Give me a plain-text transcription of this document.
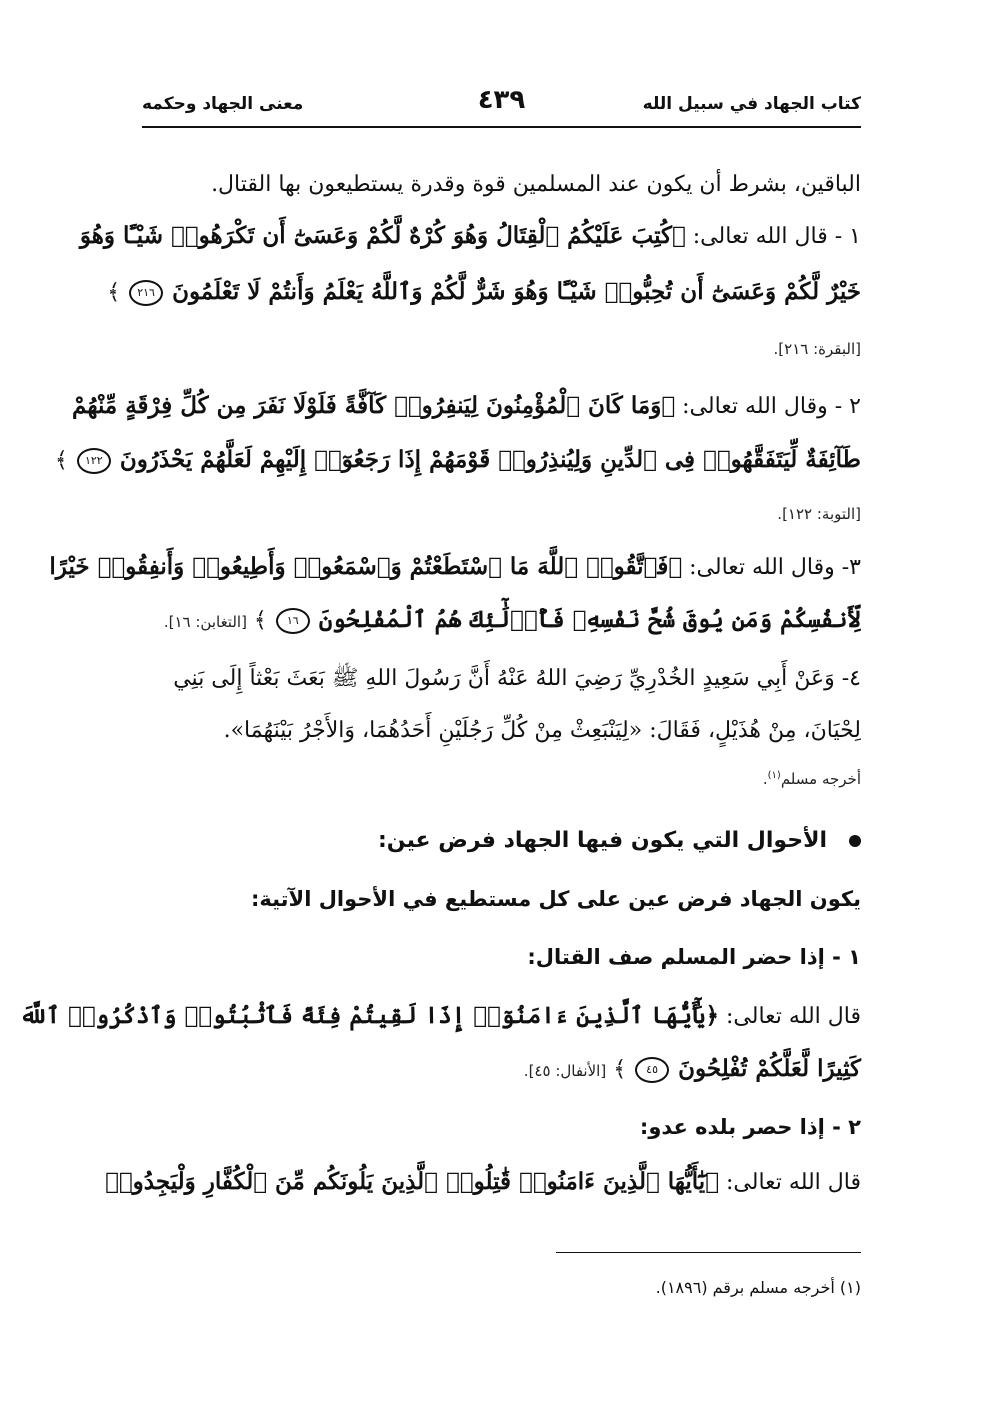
كتاب الجهاد في سبيل الله
٤٣٩
معنى الجهاد وحكمه
الباقين، بشرط أن يكون عند المسلمين قوة وقدرة يستطيعون بها القتال.
١ - قال الله تعالى: ﴿كُتِبَ عَلَيْكُمُ ٱلْقِتَالُ وَهُوَ كُرْهٌ لَّكُمْ وَعَسَىٰٓ أَن تَكْرَهُوا۟ شَيْـًٔا وَهُوَ
خَيْرٌ لَّكُمْ وَعَسَىٰٓ أَن تُحِبُّوا۟ شَيْـًٔا وَهُوَ شَرٌّ لَّكُمْ وَٱللَّهُ يَعْلَمُ وَأَنتُمْ لَا تَعْلَمُونَ ٢١٦ ﴾
[البقرة: ٢١٦].
٢ - وقال الله تعالى: ﴿وَمَا كَانَ ٱلْمُؤْمِنُونَ لِيَنفِرُوا۟ كَآفَّةً فَلَوْلَا نَفَرَ مِن كُلِّ فِرْقَةٍ مِّنْهُمْ
طَآئِفَةٌ لِّيَتَفَقَّهُوا۟ فِى ٱلدِّينِ وَلِيُنذِرُوا۟ قَوْمَهُمْ إِذَا رَجَعُوٓا۟ إِلَيْهِمْ لَعَلَّهُمْ يَحْذَرُونَ ١٢٢ ﴾
[التوبة: ١٢٢].
٣- وقال الله تعالى: ﴿فَٱتَّقُوا۟ ٱللَّهَ مَا ٱسْتَطَعْتُمْ وَٱسْمَعُوا۟ وَأَطِيعُوا۟ وَأَنفِقُوا۟ خَيْرًا
لِّأَنفُسِكُمْ وَمَن يُوقَ شُحَّ نَفْسِهِۦ فَأُو۟لَٰٓئِكَ هُمُ ٱلْمُفْلِحُونَ ١٦ ﴾ [التغابن: ١٦].
٤- وَعَنْ أَبِي سَعِيدٍ الخُدْرِيِّ رَضِيَ اللهُ عَنْهُ أَنَّ رَسُولَ اللهِ ﷺ بَعَثَ بَعْثاً إِلَى بَنِي
لِحْيَانَ، مِنْ هُذَيْلٍ، فَقَالَ: «لِيَنْبَعِثْ مِنْ كُلِّ رَجُلَيْنِ أَحَدُهُمَا، وَالأَجْرُ بَيْنَهُمَا».
أخرجه مسلم$^{(١)}$.
الأحوال التي يكون فيها الجهاد فرض عين:
يكون الجهاد فرض عين على كل مستطيع في الأحوال الآتية:
١ - إذا حضر المسلم صف القتال:
قال الله تعالى: ﴿يَٰٓأَيُّهَا ٱلَّذِينَ ءَامَنُوٓا۟ إِذَا لَقِيتُمْ فِئَةً فَٱثْبُتُوا۟ وَٱذْكُرُوا۟ ٱللَّهَ
كَثِيرًا لَّعَلَّكُمْ تُفْلِحُونَ ٤٥ ﴾ [الأنفال: ٤٥].
٢ - إذا حصر بلده عدو:
قال الله تعالى: ﴿يَٰٓأَيُّهَا ٱلَّذِينَ ءَامَنُوا۟ قَٰتِلُوا۟ ٱلَّذِينَ يَلُونَكُم مِّنَ ٱلْكُفَّارِ وَلْيَجِدُوا۟
(١) أخرجه مسلم برقم (١٨٩٦).
